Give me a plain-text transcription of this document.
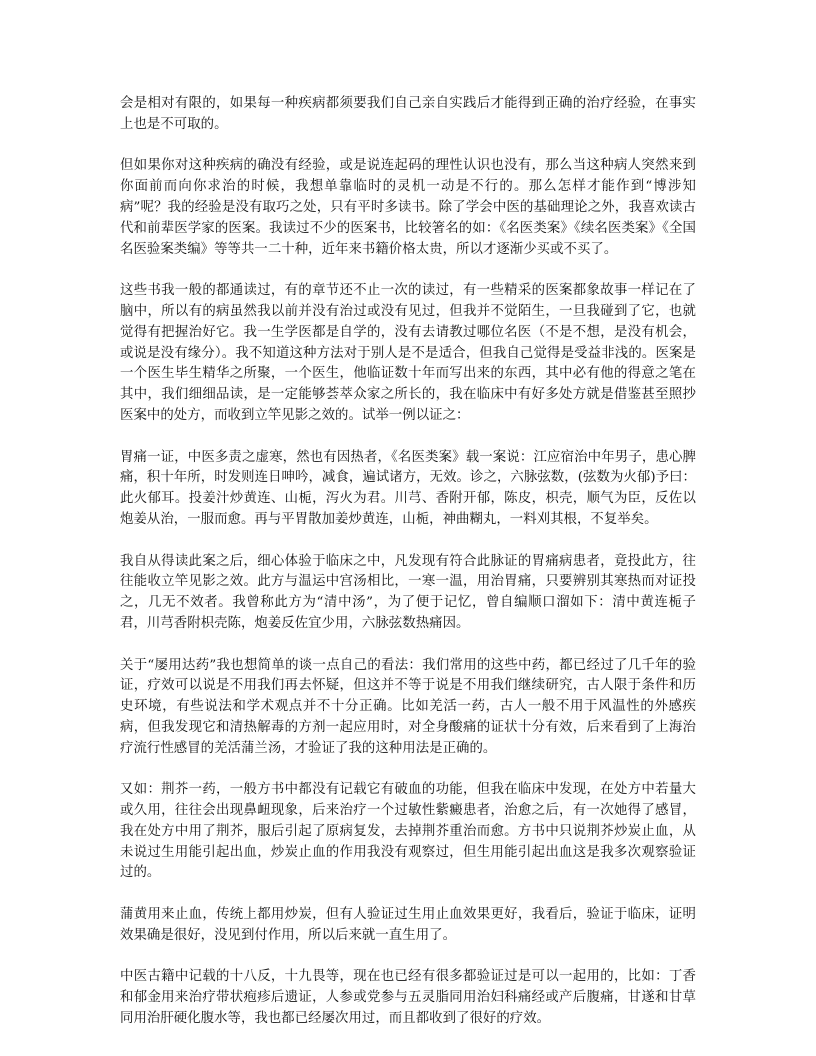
会是相对有限的，如果每一种疾病都须要我们自己亲自实践后才能得到正确的治疗经验，在事实上也是不可取的。

但如果你对这种疾病的确没有经验，或是说连起码的理性认识也没有，那么当这种病人突然来到你面前而向你求治的时候，我想单靠临时的灵机一动是不行的。那么怎样才能作到“博涉知病”呢？我的经验是没有取巧之处，只有平时多读书。除了学会中医的基础理论之外，我喜欢读古代和前辈医学家的医案。我读过不少的医案书，比较箸名的如：《名医类案》《续名医类案》《全国名医验案类编》等等共一二十种，近年来书籍价格太贵，所以才逐渐少买或不买了。

这些书我一般的都通读过，有的章节还不止一次的读过，有一些精采的医案都象故事一样记在了脑中，所以有的病虽然我以前并没有治过或没有见过，但我并不觉陌生，一旦我碰到了它，也就觉得有把握治好它。我一生学医都是自学的，没有去请教过哪位名医（不是不想，是没有机会，或说是没有缘分）。我不知道这种方法对于别人是不是适合，但我自己觉得是受益非浅的。医案是一个医生毕生精华之所聚，一个医生，他临证数十年而写出来的东西，其中必有他的得意之笔在其中，我们细细品读，是一定能够荟萃众家之所长的，我在临床中有好多处方就是借鉴甚至照抄医案中的处方，而收到立竿见影之效的。试举一例以证之：

胃痛一证，中医多责之虚寒，然也有因热者，《名医类案》载一案说：江应宿治中年男子，患心脾痛，积十年所，时发则连日呻吟，减食，遍试诸方，无效。诊之，六脉弦数，(弦数为火郁)予曰：此火郁耳。投姜汁炒黄连、山栀，泻火为君。川芎、香附开郁，陈皮，枳壳，顺气为臣，反佐以炮姜从治，一服而愈。再与平胃散加姜炒黄连，山栀，神曲糊丸，一料刈其根，不复举矣。

我自从得读此案之后，细心体验于临床之中，凡发现有符合此脉证的胃痛病患者，竟投此方，往往能收立竿见影之效。此方与温运中宫汤相比，一寒一温，用治胃痛，只要辨别其寒热而对证投之，几无不效者。我曾称此方为“清中汤”，为了便于记忆，曾自编顺口溜如下：清中黄连栀子君，川芎香附枳壳陈，炮姜反佐宜少用，六脉弦数热痛因。

关于“屡用达药”我也想简单的谈一点自己的看法：我们常用的这些中药，都已经过了几千年的验证，疗效可以说是不用我们再去怀疑，但这并不等于说是不用我们继续研究，古人限于条件和历史环境，有些说法和学术观点并不十分正确。比如羌活一药，古人一般不用于风温性的外感疾病，但我发现它和清热解毒的方剂一起应用时，对全身酸痛的证状十分有效，后来看到了上海治疗流行性感冒的羌活蒲兰汤，才验证了我的这种用法是正确的。

又如：荆芥一药，一般方书中都没有记载它有破血的功能，但我在临床中发现，在处方中若量大或久用，往往会出现鼻衄现象，后来治疗一个过敏性紫癜患者，治愈之后，有一次她得了感冒，我在处方中用了荆芥，服后引起了原病复发，去掉荆芥重治而愈。方书中只说荆芥炒炭止血，从未说过生用能引起出血，炒炭止血的作用我没有观察过，但生用能引起出血这是我多次观察验证过的。

蒲黄用来止血，传统上都用炒炭，但有人验证过生用止血效果更好，我看后，验证于临床，证明效果确是很好，没见到付作用，所以后来就一直生用了。

中医古籍中记载的十八反，十九畏等，现在也已经有很多都验证过是可以一起用的，比如：丁香和郁金用来治疗带状疱疹后遗证，人参或党参与五灵脂同用治妇科痛经或产后腹痛，甘遂和甘草同用治肝硬化腹水等，我也都已经屡次用过，而且都收到了很好的疗效。
